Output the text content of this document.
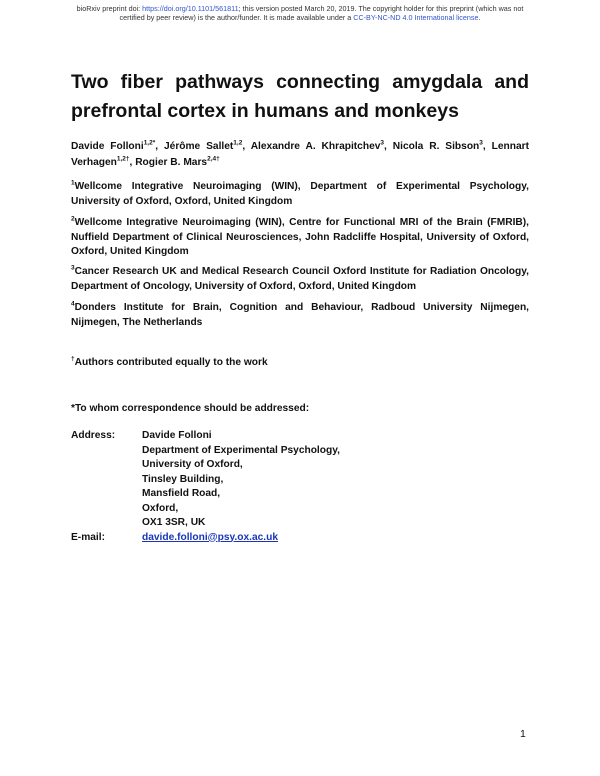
bioRxiv preprint doi: https://doi.org/10.1101/561811; this version posted March 20, 2019. The copyright holder for this preprint (which was not
certified by peer review) is the author/funder. It is made available under a CC-BY-NC-ND 4.0 International license.
Two fiber pathways connecting amygdala and prefrontal cortex in humans and monkeys
Davide Folloni$^{1,2*}$, Jérôme Sallet$^{1,2}$, Alexandre A. Khrapitchev$^3$, Nicola R. Sibson$^3$, Lennart Verhagen$^{1,2\dagger}$, Rogier B. Mars$^{2,4\dagger}$
$^1$Wellcome Integrative Neuroimaging (WIN), Department of Experimental Psychology, University of Oxford, Oxford, United Kingdom
$^2$Wellcome Integrative Neuroimaging (WIN), Centre for Functional MRI of the Brain (FMRIB), Nuffield Department of Clinical Neurosciences, John Radcliffe Hospital, University of Oxford, Oxford, United Kingdom
$^3$Cancer Research UK and Medical Research Council Oxford Institute for Radiation Oncology, Department of Oncology, University of Oxford, Oxford, United Kingdom
$^4$Donders Institute for Brain, Cognition and Behaviour, Radboud University Nijmegen, Nijmegen, The Netherlands
†Authors contributed equally to the work
*To whom correspondence should be addressed:
Address:	Davide Folloni
Department of Experimental Psychology,
University of Oxford,
Tinsley Building,
Mansfield Road,
Oxford,
OX1 3SR, UK
E-mail:	davide.folloni@psy.ox.ac.uk
1
